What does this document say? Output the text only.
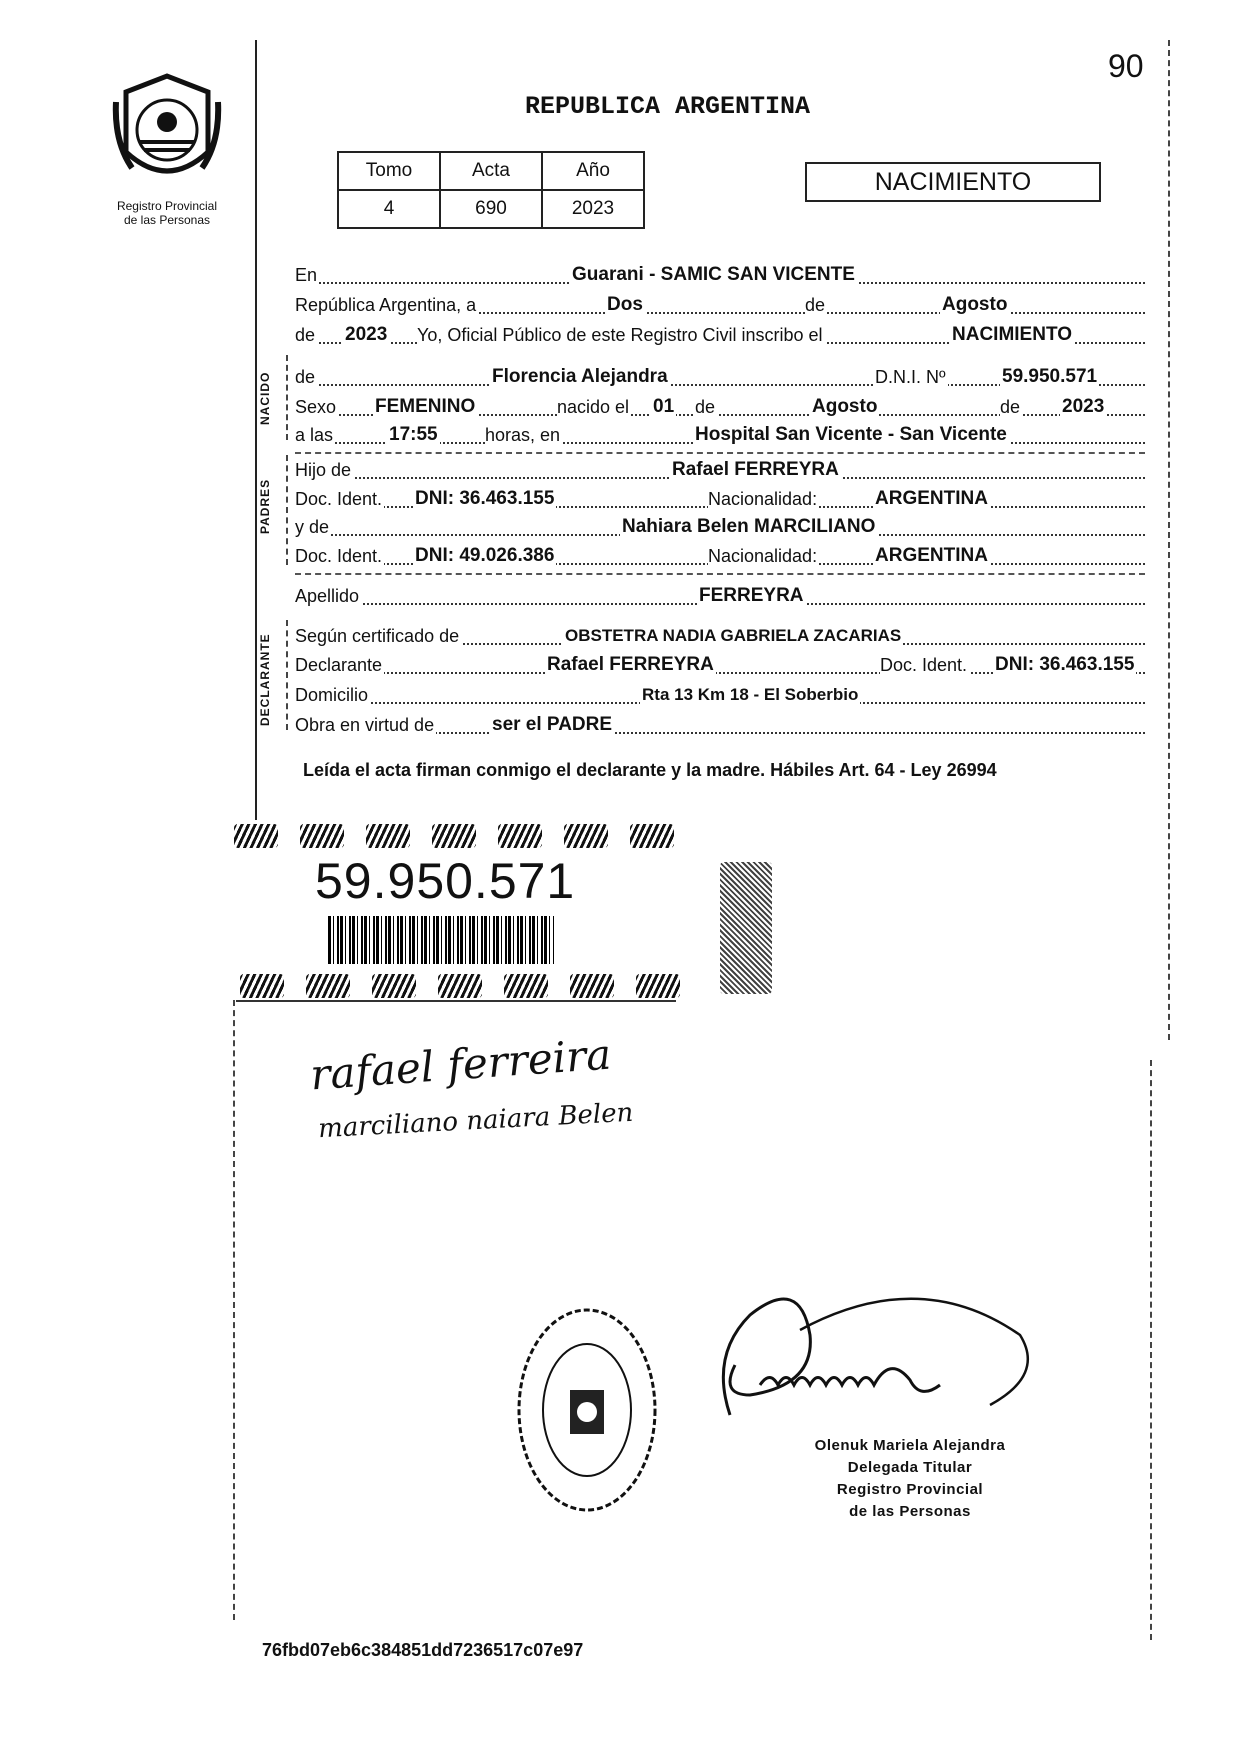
90
Registro Provincial
de las Personas
REPUBLICA ARGENTINA
Tomo	Acta	Año
4	690	2023
NACIMIENTO
NACIDO
PADRES
DECLARANTE
En	Guarani - SAMIC SAN VICENTE
República Argentina, a	Dos	de	Agosto
de 2023 Yo, Oficial Público de este Registro Civil inscribo el	NACIMIENTO
de	Florencia Alejandra	D.N.I. Nº	59.950.571
Sexo FEMENINO	nacido el 01 de	Agosto	de 2023
a las	17:55	horas, en	Hospital San Vicente - San Vicente
Hijo de	Rafael FERREYRA
Doc. Ident. DNI: 36.463.155	Nacionalidad:	ARGENTINA
y de	Nahiara Belen MARCILIANO
Doc. Ident. DNI: 49.026.386	Nacionalidad:	ARGENTINA
Apellido	FERREYRA
Según certificado de	OBSTETRA NADIA GABRIELA ZACARIAS
Declarante	Rafael FERREYRA	Doc. Ident. DNI: 36.463.155
Domicilio	Rta 13 Km 18 - El Soberbio
Obra en virtud de	ser el PADRE
Leída el acta firman conmigo el declarante y la madre. Hábiles Art. 64 - Ley 26994
59.950.571
rafael ferreira
marciliano naiara Belen
Olenuk Mariela Alejandra
Delegada Titular
Registro Provincial
de las Personas
76fbd07eb6c384851dd7236517c07e97
